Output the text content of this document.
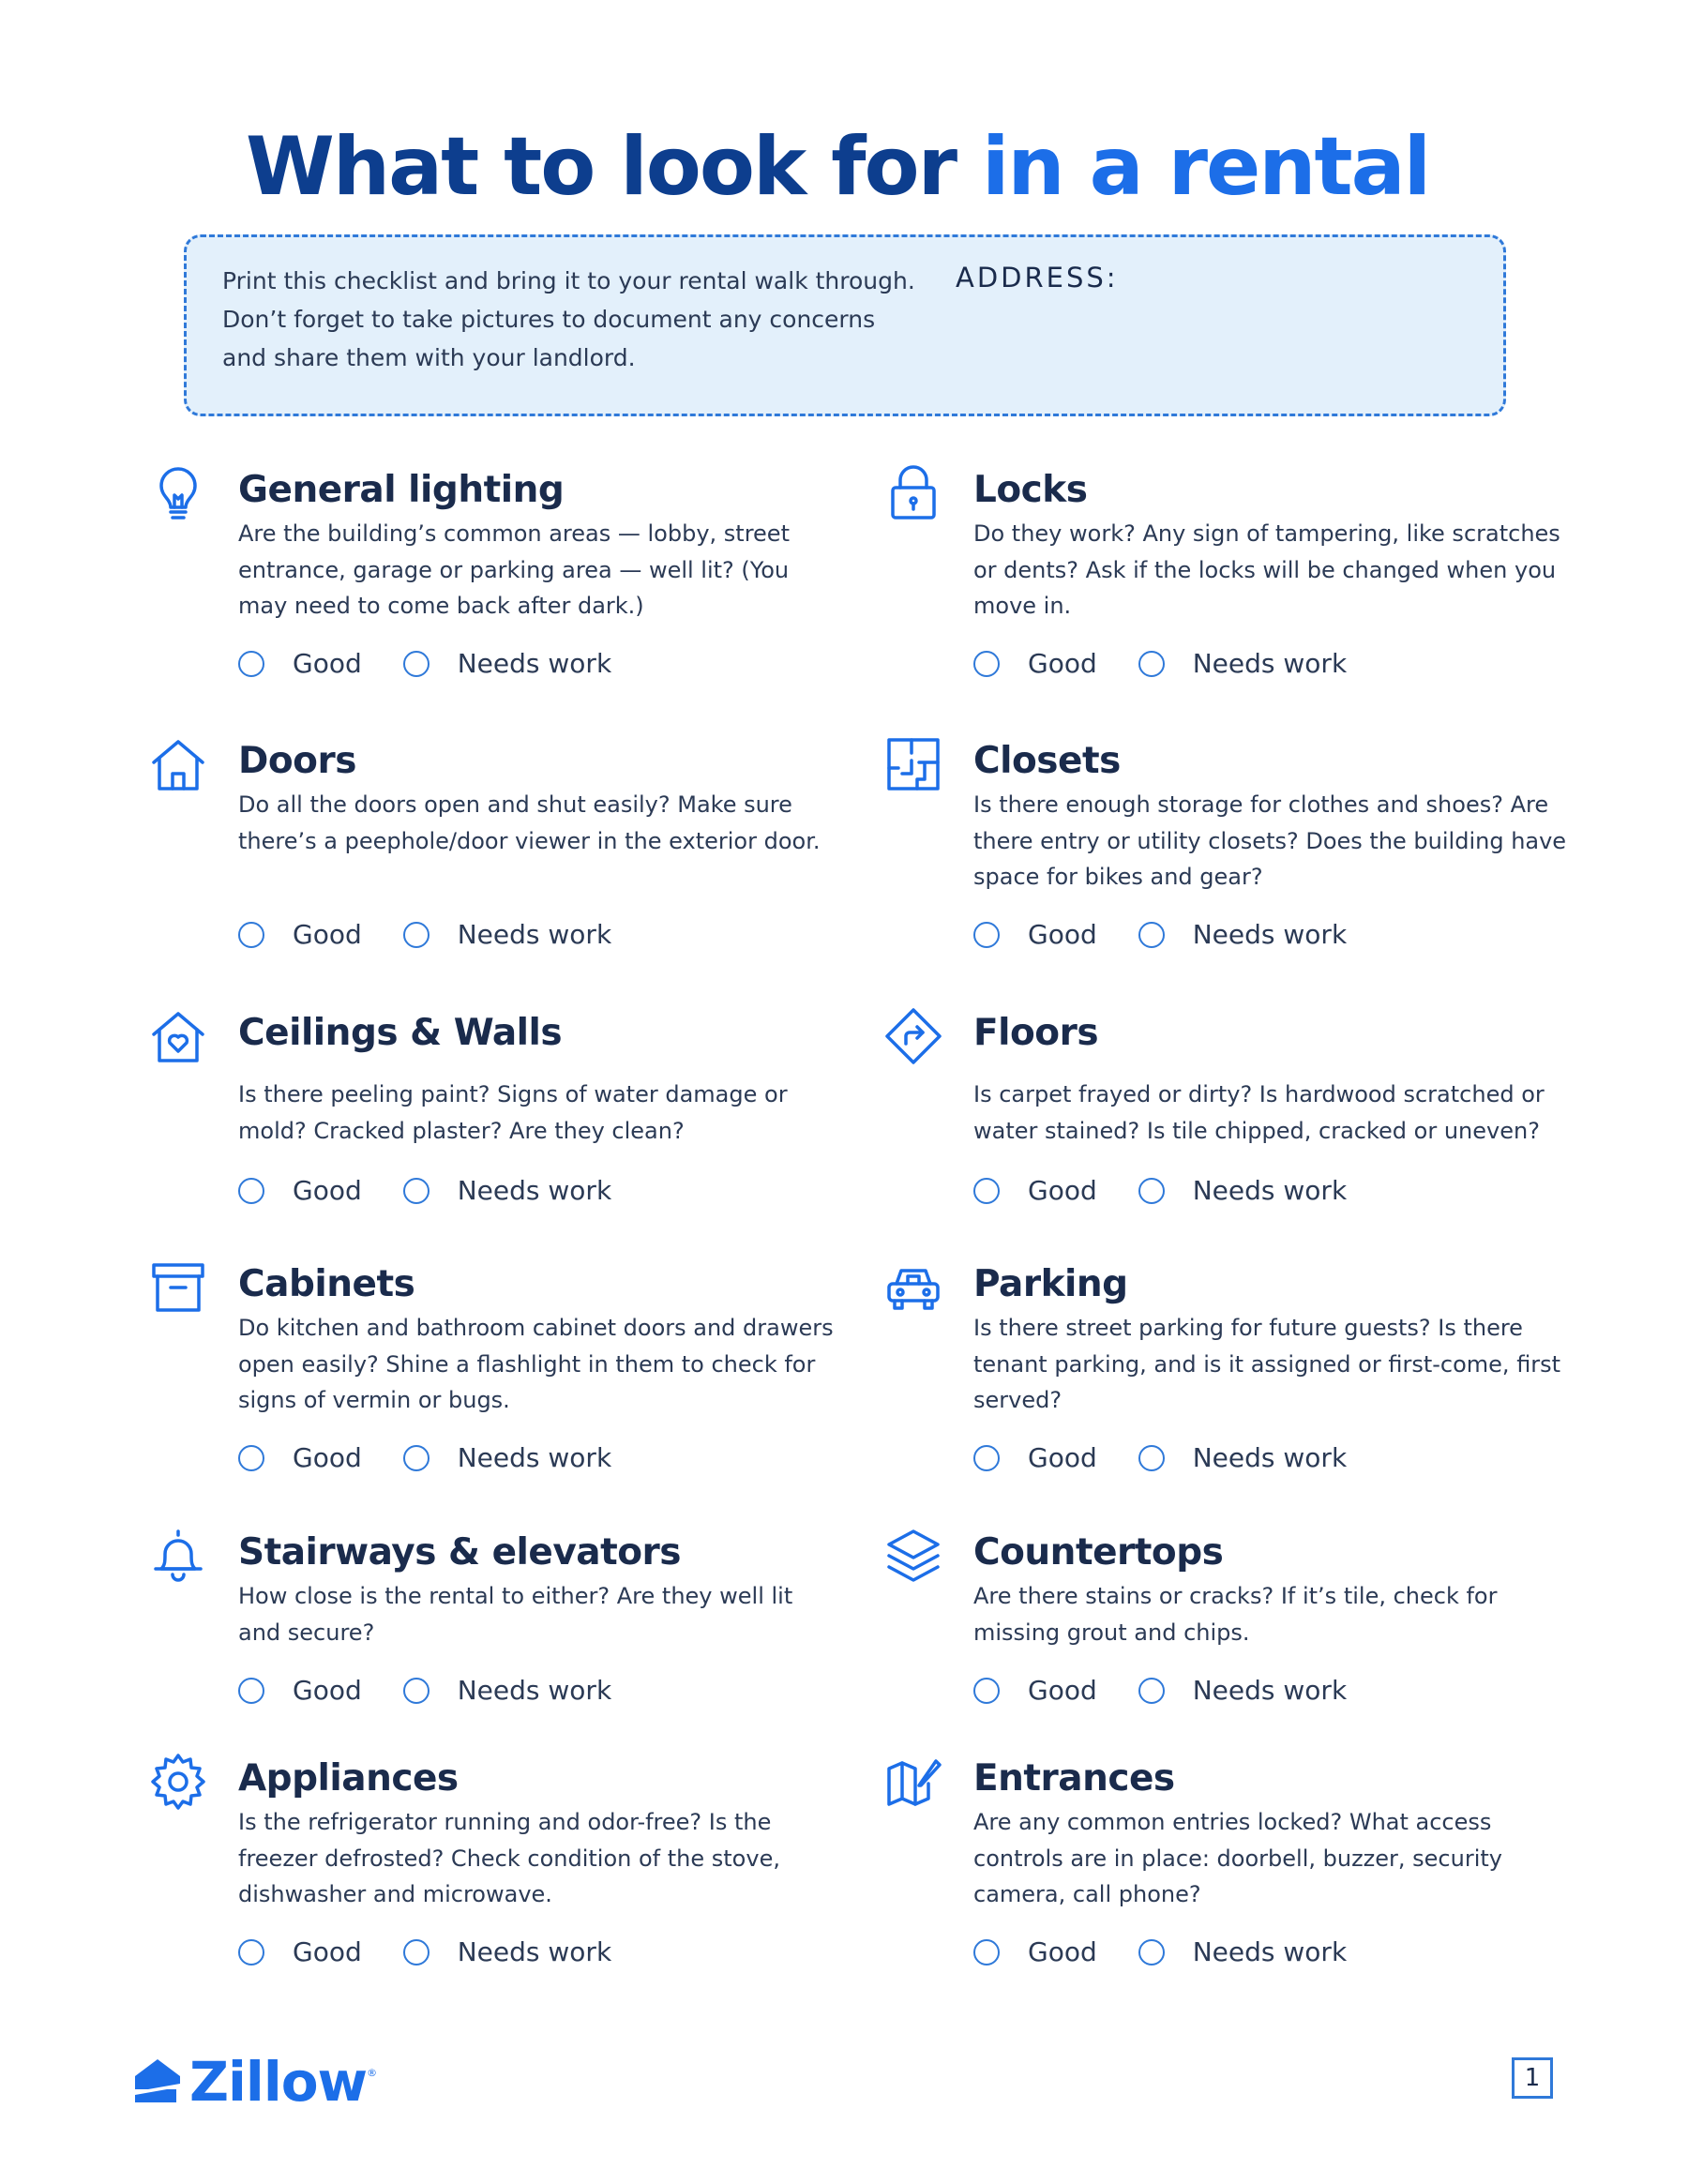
What to look for in a rental
Print this checklist and bring it to your rental walk through. Don’t forget to take pictures to document any concerns and share them with your landlord.
ADDRESS:
General lighting

Are the building’s common areas — lobby, street entrance, garage or parking area — well lit? (You may need to come back after dark.)

Good	Needs work
Locks

Do they work? Any sign of tampering, like scratches or dents? Ask if the locks will be changed when you move in.

Good	Needs work
Doors

Do all the doors open and shut easily? Make sure there’s a peephole/door viewer in the exterior door.

Good	Needs work
Closets

Is there enough storage for clothes and shoes? Are there entry or utility closets? Does the building have space for bikes and gear?

Good	Needs work
Ceilings & Walls

Is there peeling paint? Signs of water damage or mold? Cracked plaster? Are they clean?

Good	Needs work
Floors

Is carpet frayed or dirty? Is hardwood scratched or water stained? Is tile chipped, cracked or uneven?

Good	Needs work
Cabinets

Do kitchen and bathroom cabinet doors and drawers open easily? Shine a flashlight in them to check for signs of vermin or bugs.

Good	Needs work
Parking

Is there street parking for future guests? Is there tenant parking, and is it assigned or first-come, first served?

Good	Needs work
Stairways & elevators

How close is the rental to either? Are they well lit and secure?

Good	Needs work
Countertops

Are there stains or cracks? If it’s tile, check for missing grout and chips.

Good	Needs work
Appliances

Is the refrigerator running and odor-free? Is the freezer defrosted? Check condition of the stove, dishwasher and microwave.

Good	Needs work
Entrances

Are any common entries locked? What access controls are in place: doorbell, buzzer, security camera, call phone?

Good	Needs work
Zillow ®	1
